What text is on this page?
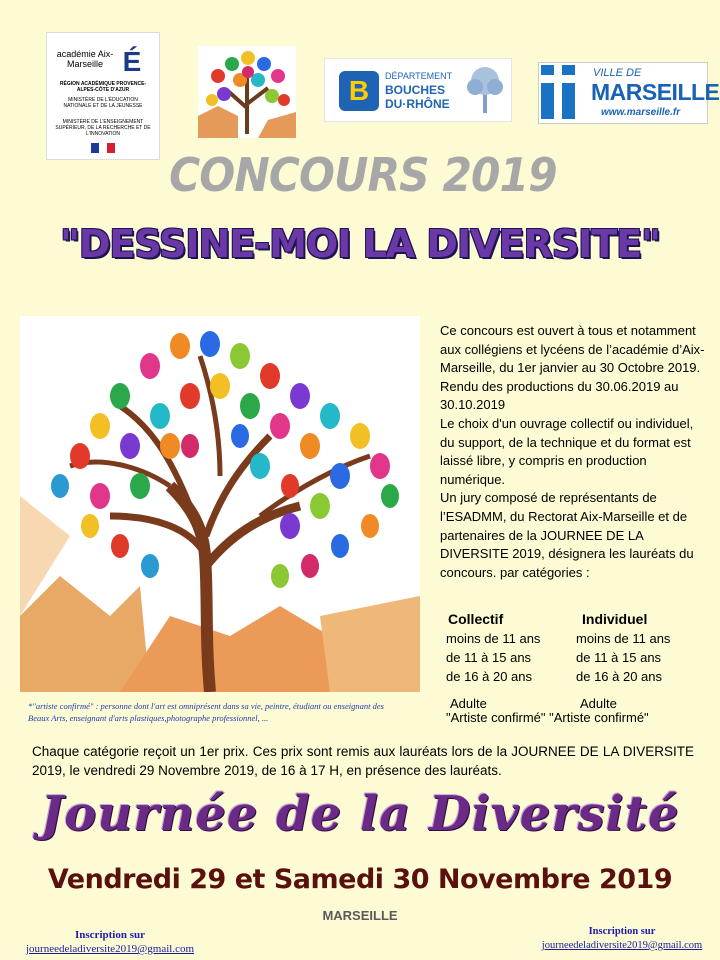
académie Aix-Marseille É
RÉGION ACADÉMIQUE PROVENCE-ALPES-CÔTE D'AZUR
MINISTÈRE DE L'ÉDUCATION NATIONALE ET DE LA JEUNESSE
MINISTÈRE DE L'ENSEIGNEMENT SUPÉRIEUR, DE LA RECHERCHE ET DE L'INNOVATION
B	DÉPARTEMENT
BOUCHES
DU·RHÔNE
VILLE DE
MARSEILLE
www.marseille.fr
CONCOURS 2019
"DESSINE-MOI LA DIVERSITE"
Ce concours est ouvert à tous et notamment aux collégiens et lycéens de l’académie d’Aix- Marseille, du 1er janvier au 30 Octobre 2019. Rendu des productions du 30.06.2019 au 30.10.2019
Le choix d'un ouvrage collectif ou individuel, du support, de la technique et du format est laissé libre, y compris en production numérique.
Un jury composé de représentants de l’ESADMM, du Rectorat Aix-Marseille et de partenaires de la JOURNEE DE LA DIVERSITE 2019, désignera les lauréats du concours. par catégories :
Collectif
moins de 11 ans
de 11 à 15 ans
de 16 à 20 ans
Adulte
Individuel
moins de 11 ans
de 11 à 15 ans
de 16 à 20 ans
Adulte
"Artiste confirmé" "Artiste confirmé"
*"artiste confirmé" : personne dont l'art est omniprésent dans sa vie, peintre, étudiant ou enseignant des Beaux Arts, enseignant d'arts plastiques,photographe professionnel, ...
Chaque catégorie reçoit un 1er prix. Ces prix sont remis aux lauréats lors de la JOURNEE DE LA DIVERSITE 2019, le vendredi 29 Novembre 2019, de 16 à 17 H, en présence des lauréats.
Journée de la Diversité
Vendredi 29 et Samedi 30 Novembre 2019
MARSEILLE
Inscription sur
journeedeladiversite2019@gmail.com
Inscription sur
journeedeladiversite2019@gmail.com
